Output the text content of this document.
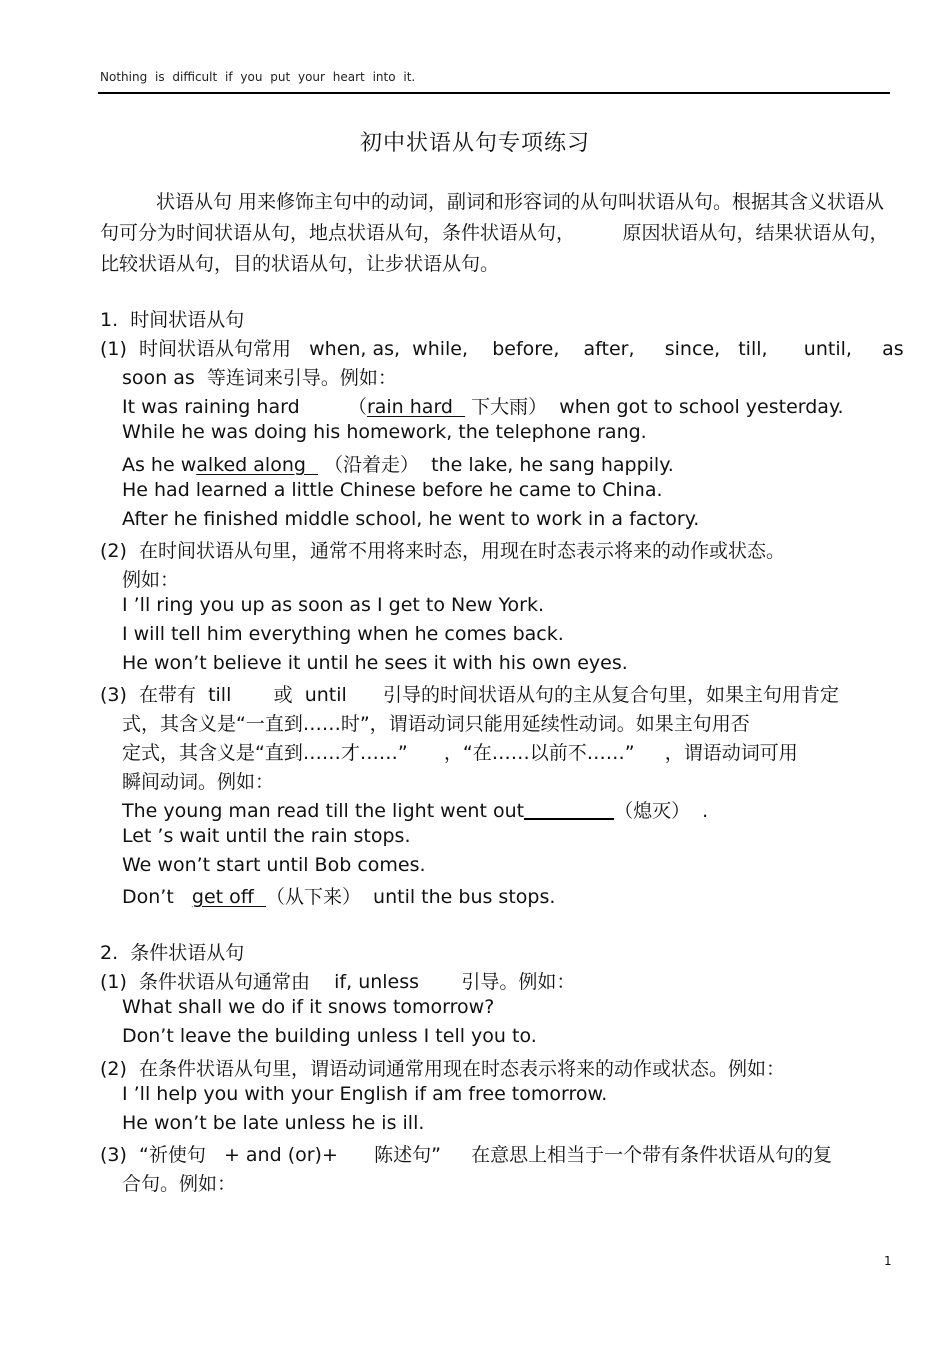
Nothing is difficult if you put your heart into it.
初中状语从句专项练习
状语从句 用来修饰主句中的动词，副词和形容词的从句叫状语从句。根据其含义状语从句可分为时间状语从句，地点状语从句，条件状语从句，　　　原因状语从句，结果状语从句，比较状语从句，目的状语从句，让步状语从句。
1.  时间状语从句
(1)  时间状语从句常用   when, as,  while,    before,    after,     since,   till,      until,     as
soon as  等连词来引导。例如：
It was raining hard        （rain hard   下大雨）  when got to school yesterday.
While he was doing his homework, the telephone rang.
As he walked along   （沿着走）  the lake, he sang happily.
He had learned a little Chinese before he came to China.
After he finished middle school, he went to work in a factory.
(2)  在时间状语从句里，通常不用将来时态，用现在时态表示将来的动作或状态。
例如：
I ’ll ring you up as soon as I get to New York.
I will tell him everything when he comes back.
He won’t believe it until he sees it with his own eyes.
(3)  在带有  till       或  until      引导的时间状语从句的主从复合句里，如果主句用肯定
式，其含义是“一直到……时”，谓语动词只能用延续性动词。如果主句用否
定式，其含义是“直到……才……”      ，“在……以前不……”     ，谓语动词可用
瞬间动词。例如：
The young man read till the light went out	（熄灭）  .
Let ’s wait until the rain stops.
We won’t start until Bob comes.
Don’t   get off  （从下来）  until the bus stops.
2.  条件状语从句
(1)  条件状语从句通常由    if, unless       引导。例如：
What shall we do if it snows tomorrow?
Don’t leave the building unless I tell you to.
(2)  在条件状语从句里，谓语动词通常用现在时态表示将来的动作或状态。例如：
I ’ll help you with your English if am free tomorrow.
He won’t be late unless he is ill.
(3)  “祈使句   + and (or)+      陈述句”     在意思上相当于一个带有条件状语从句的复
合句。例如：
1
